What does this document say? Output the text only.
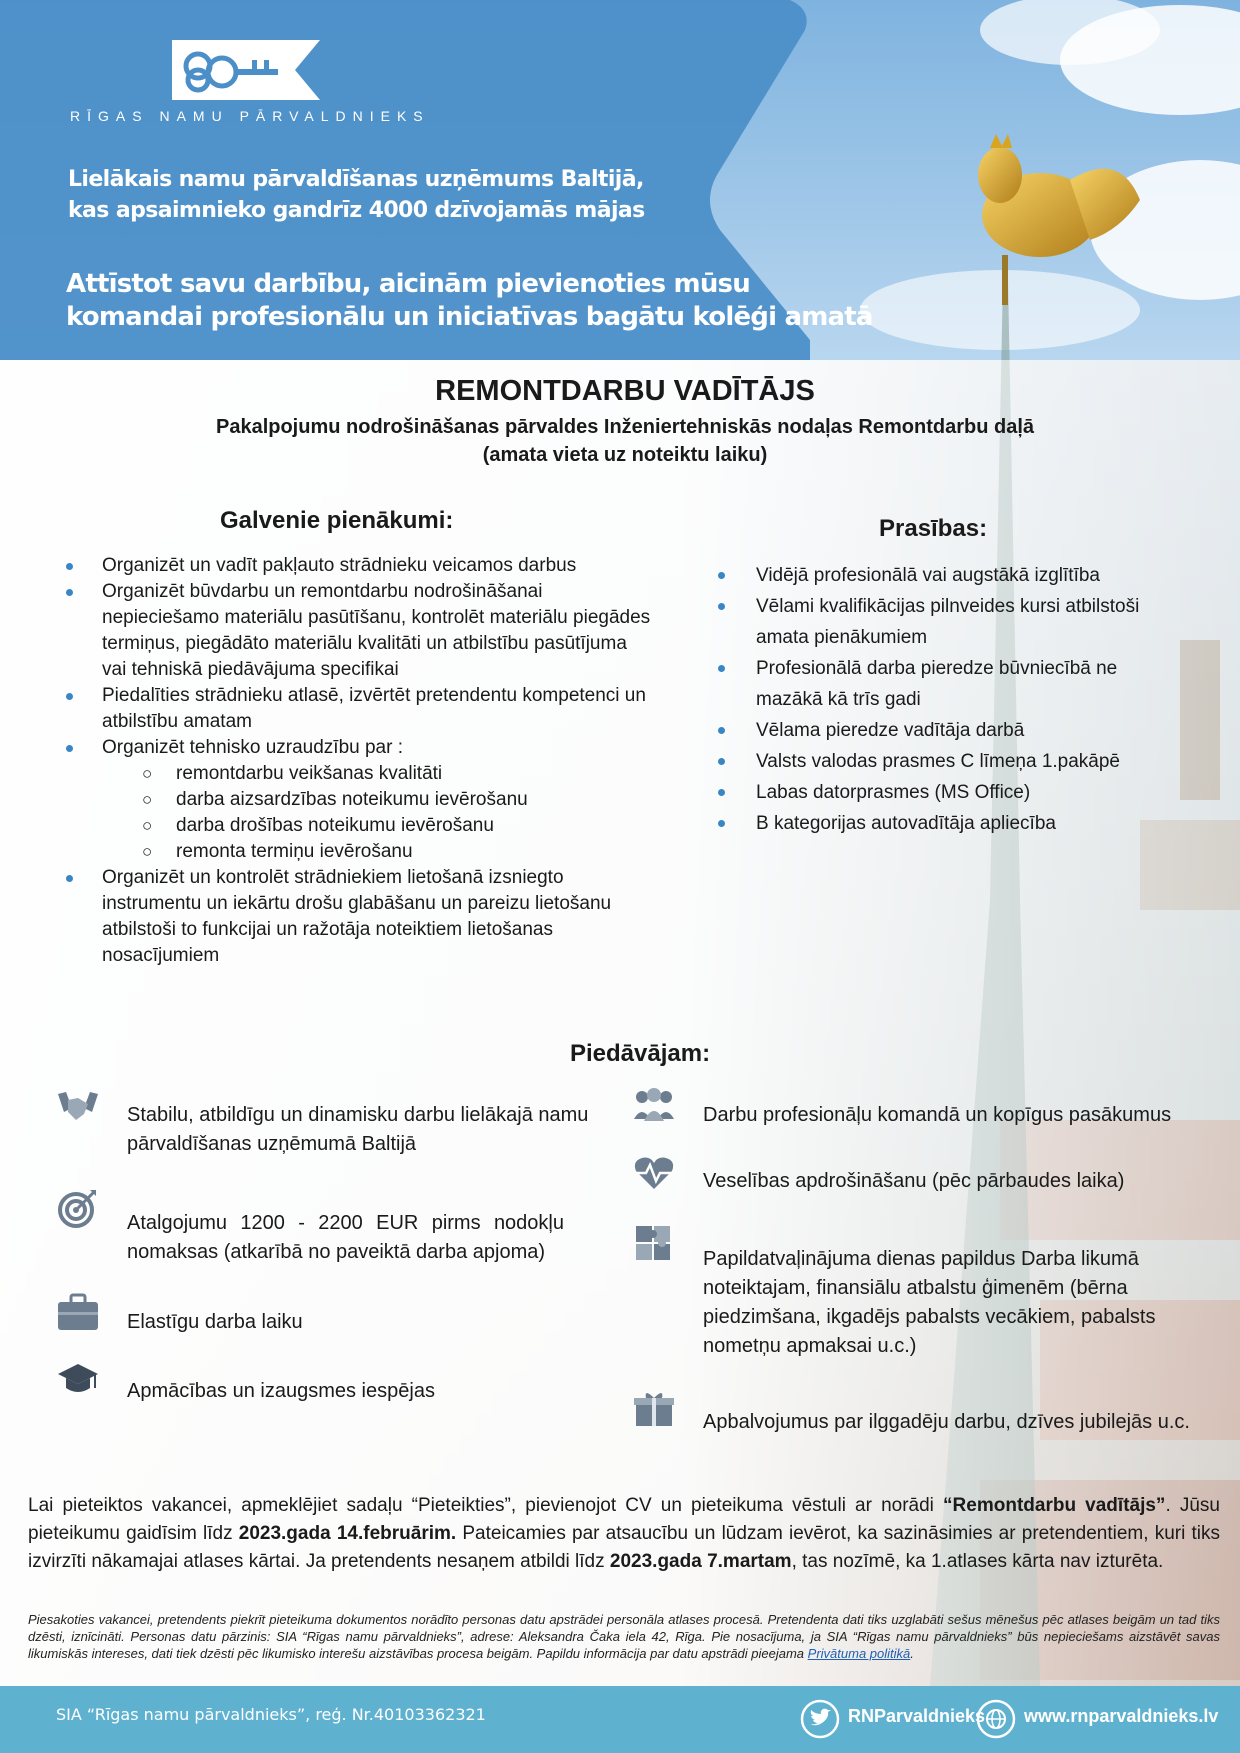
RĪGAS NAMU PĀRVALDNIEKS
Lielākais namu pārvaldīšanas uzņēmums Baltijā,
kas apsaimnieko gandrīz 4000 dzīvojamās mājas
Attīstot savu darbību, aicinām pievienoties mūsu
komandai profesionālu un iniciatīvas bagātu kolēģi amatā
REMONTDARBU VADĪTĀJS
Pakalpojumu nodrošināšanas pārvaldes Inženiertehniskās nodaļas Remontdarbu daļā
(amata vieta uz noteiktu laiku)
Galvenie pienākumi:
Organizēt un vadīt pakļauto strādnieku veicamos darbus
Organizēt būvdarbu un remontdarbu nodrošināšanai nepieciešamo materiālu pasūtīšanu, kontrolēt materiālu piegādes termiņus, piegādāto materiālu kvalitāti un atbilstību pasūtījuma vai tehniskā piedāvājuma specifikai
Piedalīties strādnieku atlasē, izvērtēt pretendentu kompetenci un atbilstību amatam
Organizēt tehnisko uzraudzību par :
○ remontdarbu veikšanas kvalitāti
○ darba aizsardzības noteikumu ievērošanu
○ darba drošības noteikumu ievērošanu
○ remonta termiņu ievērošanu
Organizēt un kontrolēt strādniekiem lietošanā izsniegto instrumentu un iekārtu drošu glabāšanu un pareizu lietošanu atbilstoši to funkcijai un ražotāja noteiktiem lietošanas nosacījumiem
Prasības:
Vidējā profesionālā vai augstākā izglītība
Vēlami kvalifikācijas pilnveides kursi atbilstoši amata pienākumiem
Profesionālā darba pieredze būvniecībā ne mazākā kā trīs gadi
Vēlama pieredze vadītāja darbā
Valsts valodas prasmes C līmeņa 1.pakāpē
Labas datorprasmes (MS Office)
B kategorijas autovadītāja apliecība
Piedāvājam:
Stabilu, atbildīgu un dinamisku darbu lielākajā namu pārvaldīšanas uzņēmumā Baltijā
Atalgojumu 1200 - 2200 EUR pirms nodokļu nomaksas (atkarībā no paveiktā darba apjoma)
Elastīgu darba laiku
Apmācības un izaugsmes iespējas
Darbu profesionāļu komandā un kopīgus pasākumus
Veselības apdrošināšanu (pēc pārbaudes laika)
Papildatvaļinājuma dienas papildus Darba likumā noteiktajam, finansiālu atbalstu ģimenēm (bērna piedzimšana, ikgadējs pabalsts vecākiem, pabalsts nometņu apmaksai u.c.)
Apbalvojumus par ilggadēju darbu, dzīves jubilejās u.c.
Lai pieteiktos vakancei, apmeklējiet sadaļu “Pieteikties”, pievienojot CV un pieteikuma vēstuli ar norādi “Remontdarbu vadītājs”. Jūsu pieteikumu gaidīsim līdz 2023.gada 14.februārim. Pateicamies par atsaucību un lūdzam ievērot, ka sazināsimies ar pretendentiem, kuri tiks izvirzīti nākamajai atlases kārtai. Ja pretendents nesaņem atbildi līdz 2023.gada 7.martam, tas nozīmē, ka 1.atlases kārta nav izturēta.
Piesakoties vakancei, pretendents piekrīt pieteikuma dokumentos norādīto personas datu apstrādei personāla atlases procesā. Pretendenta dati tiks uzglabāti sešus mēnešus pēc atlases beigām un tad tiks dzēsti, iznīcināti. Personas datu pārzinis: SIA “Rīgas namu pārvaldnieks”, adrese: Aleksandra Čaka iela 42, Rīga. Pie nosacījuma, ja SIA “Rīgas namu pārvaldnieks” būs nepieciešams aizstāvēt savas likumiskās intereses, dati tiek dzēsti pēc likumisko interešu aizstāvības procesa beigām. Papildu informācija par datu apstrādi pieejama Privātuma politikā.
SIA “Rīgas namu pārvaldnieks”, reģ. Nr.40103362321	RNParvaldnieks www.rnparvaldnieks.lv
